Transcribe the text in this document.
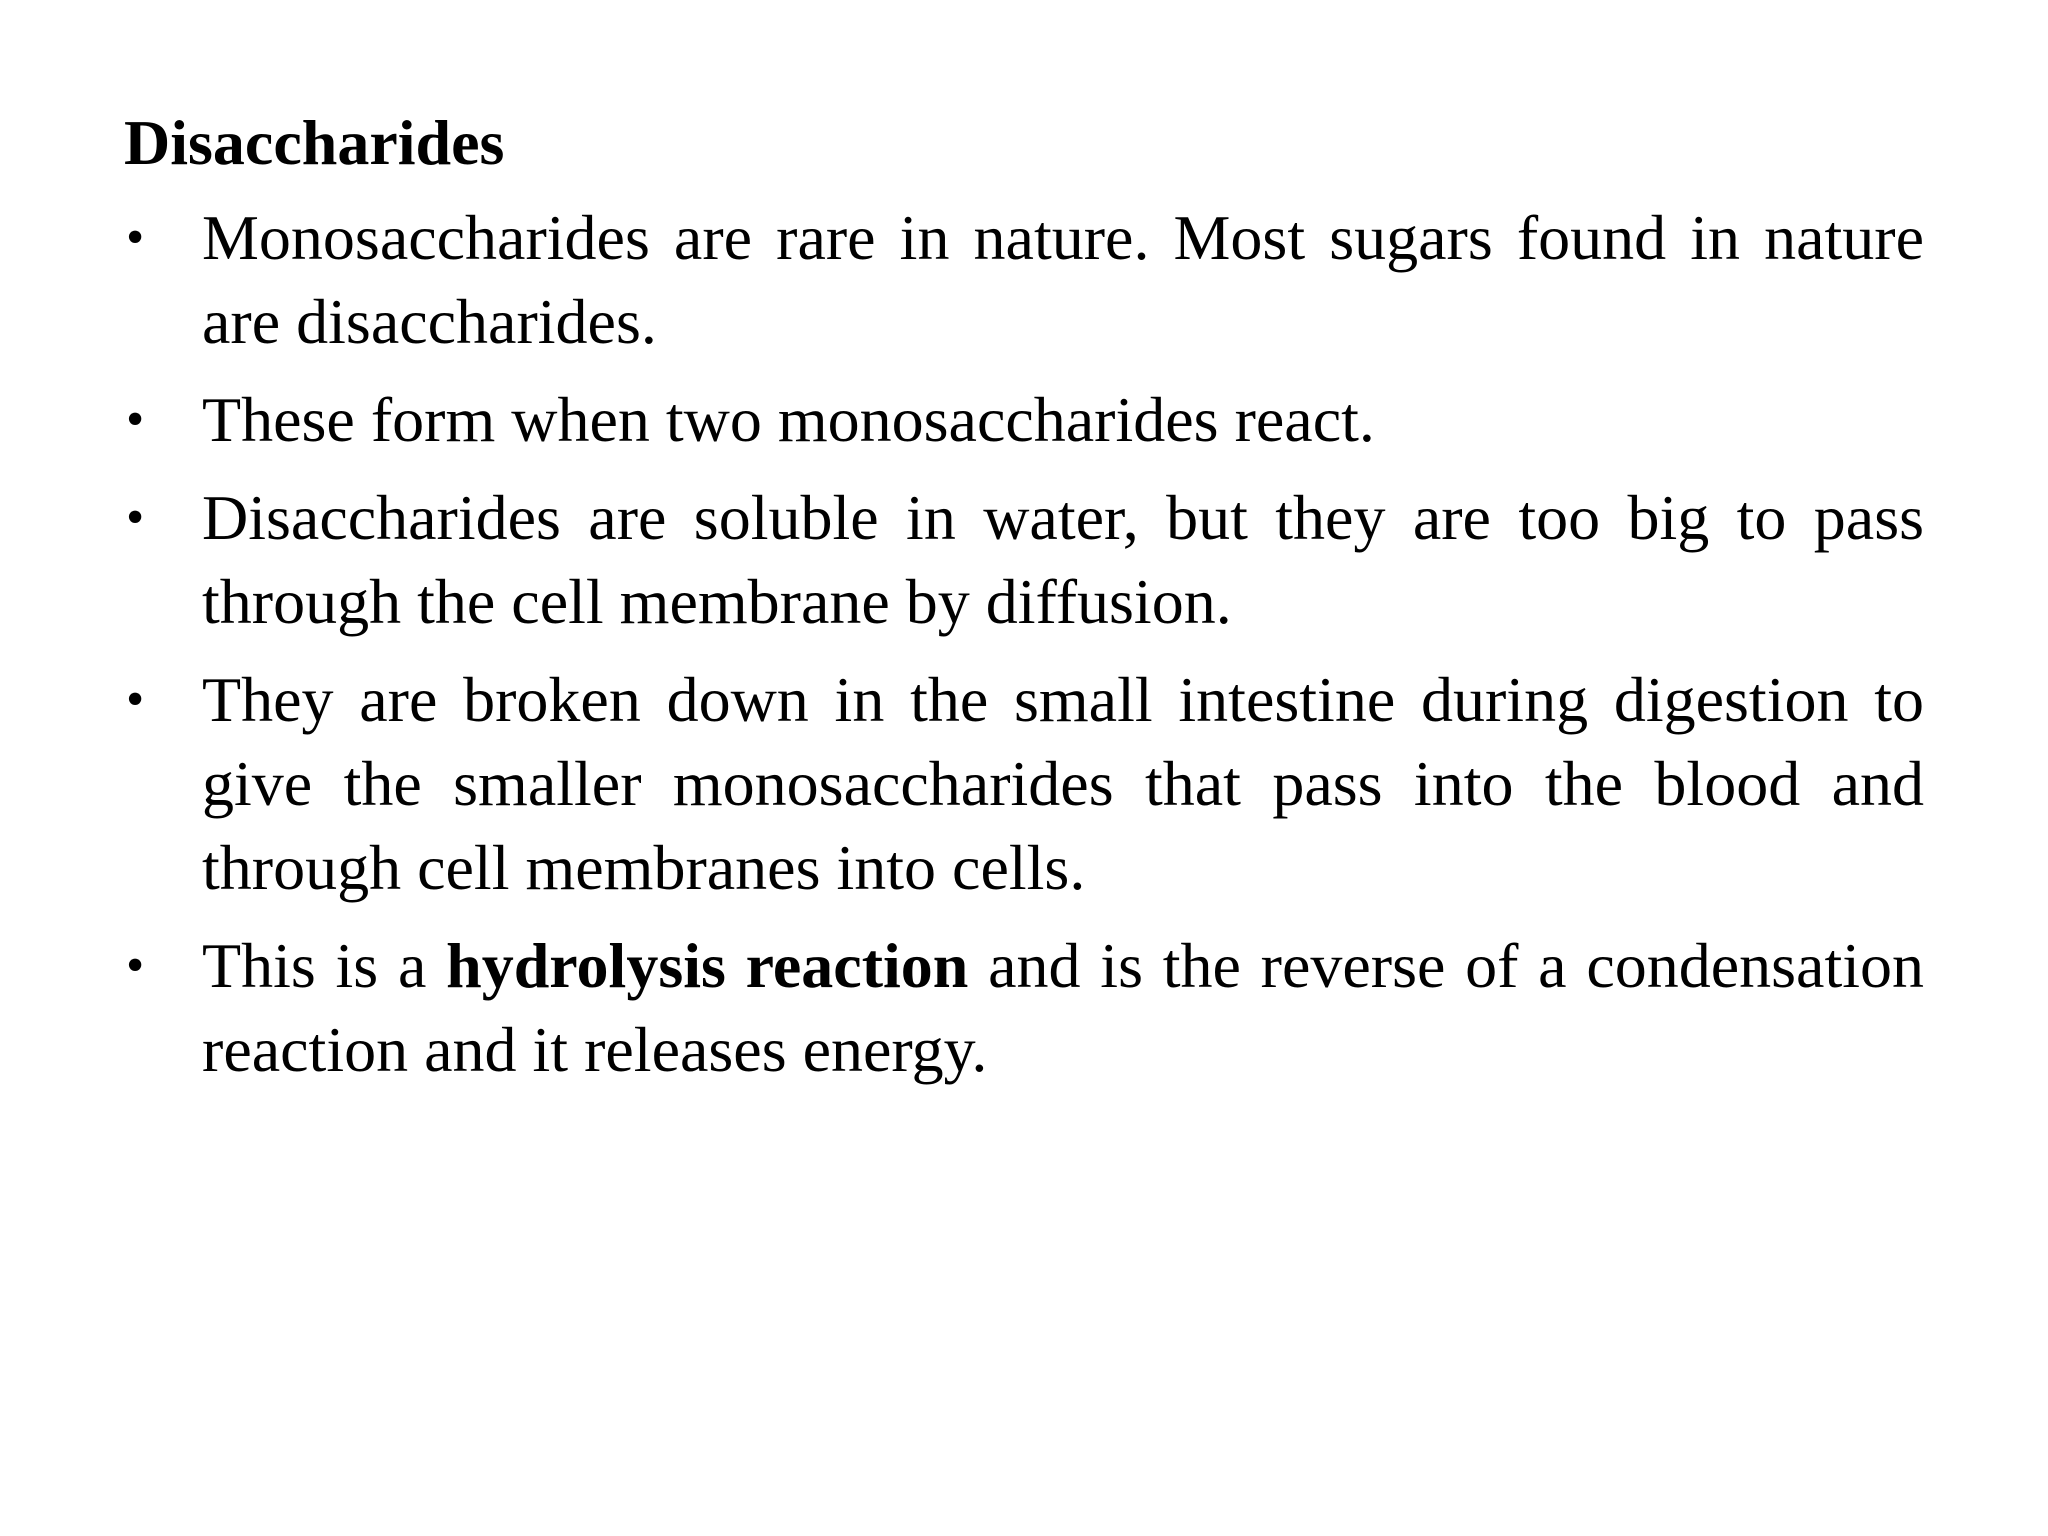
Disaccharides
• Monosaccharides are rare in nature. Most sugars found in nature are disaccharides.
• These form when two monosaccharides react.
• Disaccharides are soluble in water, but they are too big to pass through the cell membrane by diffusion.
• They are broken down in the small intestine during digestion to give the smaller monosaccharides that pass into the blood and through cell membranes into cells.
• This is a hydrolysis reaction and is the reverse of a condensation reaction and it releases energy.
